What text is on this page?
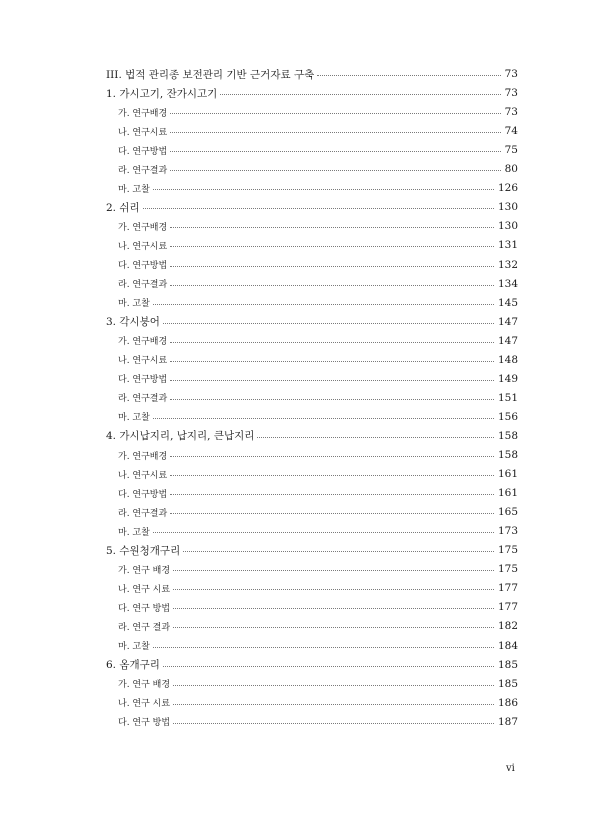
III. 법적 관리종 보전관리 기반 근거자료 구축	73
1. 가시고기, 잔가시고기	73
가. 연구배경	73
나. 연구시료	74
다. 연구방법	75
라. 연구결과	80
마. 고찰	126
2. 쉬리	130
가. 연구배경	130
나. 연구시료	131
다. 연구방법	132
라. 연구결과	134
마. 고찰	145
3. 각시붕어	147
가. 연구배경	147
나. 연구시료	148
다. 연구방법	149
라. 연구결과	151
마. 고찰	156
4. 가시납지리, 납지리, 큰납지리	158
가. 연구배경	158
나. 연구시료	161
다. 연구방법	161
라. 연구결과	165
마. 고찰	173
5. 수원청개구리	175
가. 연구 배경	175
나. 연구 시료	177
다. 연구 방법	177
라. 연구 결과	182
마. 고찰	184
6. 옴개구리	185
가. 연구 배경	185
나. 연구 시료	186
다. 연구 방법	187
vi
